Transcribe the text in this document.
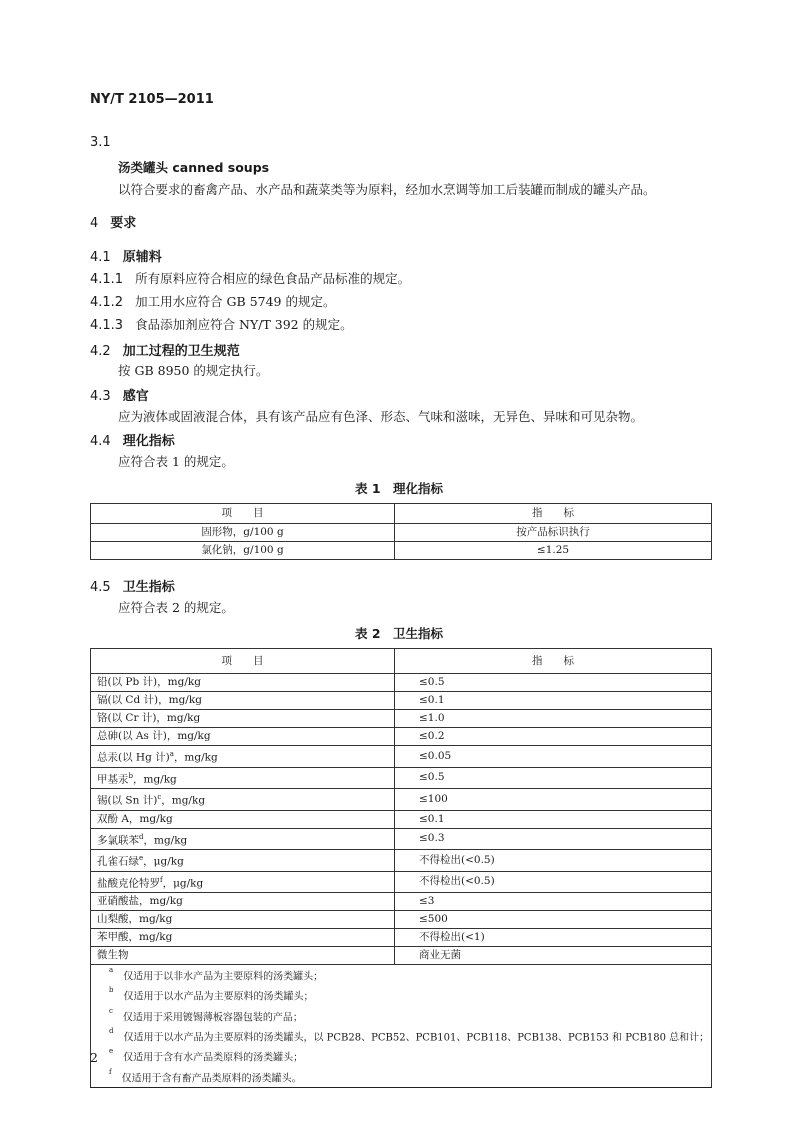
NY/T 2105—2011
3.1
汤类罐头 canned soups
以符合要求的畜禽产品、水产品和蔬菜类等为原料，经加水烹调等加工后装罐而制成的罐头产品。
4 要求
4.1 原辅料
4.1.1 所有原料应符合相应的绿色食品产品标准的规定。
4.1.2 加工用水应符合 GB 5749 的规定。
4.1.3 食品添加剂应符合 NY/T 392 的规定。
4.2 加工过程的卫生规范
按 GB 8950 的规定执行。
4.3 感官
应为液体或固液混合体，具有该产品应有色泽、形态、气味和滋味，无异色、异味和可见杂物。
4.4 理化指标
应符合表 1 的规定。
表 1　理化指标
项　　目	指　　标
固形物，g/100 g	按产品标识执行
氯化钠，g/100 g	≤1.25
4.5 卫生指标
应符合表 2 的规定。
表 2　卫生指标
项　　目	指　　标
铅(以 Pb 计)，mg/kg	≤0.5
镉(以 Cd 计)，mg/kg	≤0.1
铬(以 Cr 计)，mg/kg	≤1.0
总砷(以 As 计)，mg/kg	≤0.2
总汞(以 Hg 计)$^a$，mg/kg	≤0.05
甲基汞$^b$，mg/kg	≤0.5
锡(以 Sn 计)$^c$，mg/kg	≤100
双酚 A，mg/kg	≤0.1
多氯联苯$^d$，mg/kg	≤0.3
孔雀石绿$^e$，μg/kg	不得检出(<0.5)
盐酸克伦特罗$^f$，μg/kg	不得检出(<0.5)
亚硝酸盐，mg/kg	≤3
山梨酸，mg/kg	≤500
苯甲酸，mg/kg	不得检出(<1)
微生物	商业无菌
$^a$仅适用于以非水产品为主要原料的汤类罐头；	
$^b$仅适用于以水产品为主要原料的汤类罐头；	
$^c$仅适用于采用镀锡薄板容器包装的产品；	
$^d$仅适用于以水产品为主要原料的汤类罐头，以 PCB28、PCB52、PCB101、PCB118、PCB138、PCB153 和 PCB180 总和计；	
$^e$仅适用于含有水产品类原料的汤类罐头；	
$^f$仅适用于含有畜产品类原料的汤类罐头。	
2
